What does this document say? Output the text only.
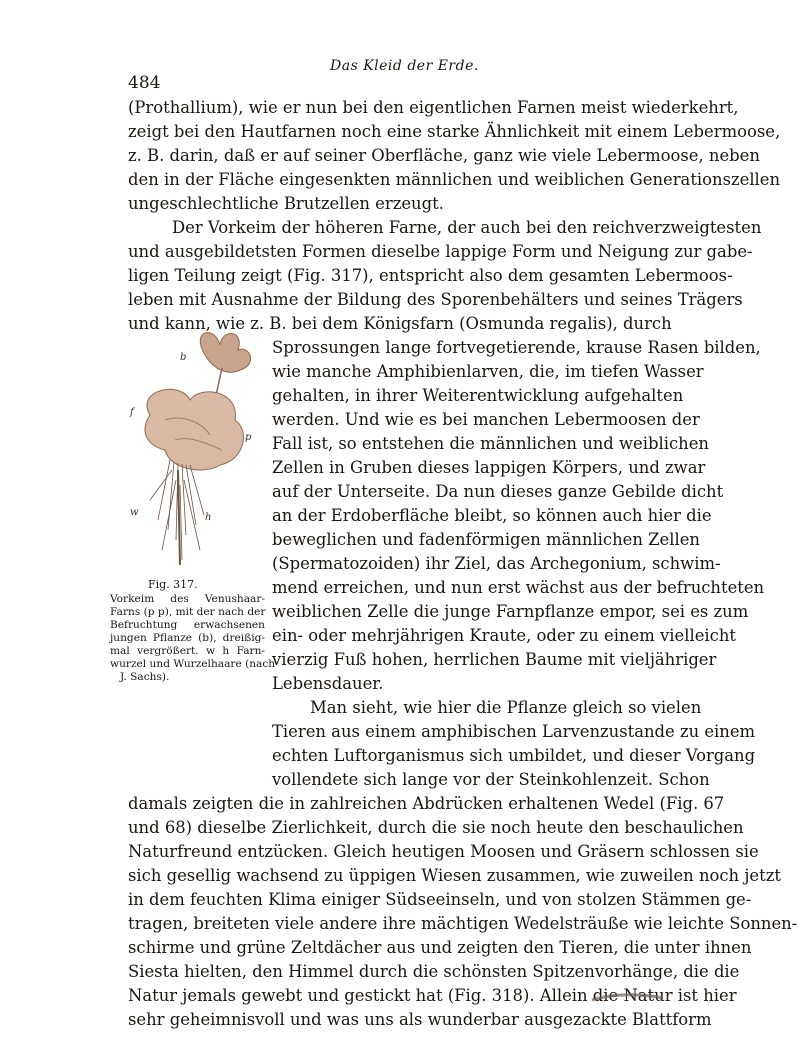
Das Kleid der Erde.
484
(Prothallium), wie er nun bei den eigentlichen Farnen meist wiederkehrt,
zeigt bei den Hautfarnen noch eine starke Ähnlichkeit mit einem Lebermoose,
z. B. darin, daß er auf seiner Oberfläche, ganz wie viele Lebermoose, neben
den in der Fläche eingesenkten männlichen und weiblichen Generationszellen
ungeschlechtliche Brutzellen erzeugt.
Der Vorkeim der höheren Farne, der auch bei den reichverzweigtesten
und ausgebildetsten Formen dieselbe lappige Form und Neigung zur gabe-
ligen Teilung zeigt (Fig. 317), entspricht also dem gesamten Lebermoos-
leben mit Ausnahme der Bildung des Sporenbehälters und seines Trägers
und kann, wie z. B. bei dem Königsfarn (Osmunda regalis), durch
Sprossungen lange fortvegetierende, krause Rasen bilden,
wie manche Amphibienlarven, die, im tiefen Wasser
gehalten, in ihrer Weiterentwicklung aufgehalten
werden. Und wie es bei manchen Lebermoosen der
Fall ist, so entstehen die männlichen und weiblichen
Zellen in Gruben dieses lappigen Körpers, und zwar
auf der Unterseite. Da nun dieses ganze Gebilde dicht
an der Erdoberfläche bleibt, so können auch hier die
beweglichen und fadenförmigen männlichen Zellen
(Spermatozoiden) ihr Ziel, das Archegonium, schwim-
mend erreichen, und nun erst wächst aus der befruchteten
weiblichen Zelle die junge Farnpflanze empor, sei es zum
ein- oder mehrjährigen Kraute, oder zu einem vielleicht
vierzig Fuß hohen, herrlichen Baume mit vieljähriger
Lebensdauer.
Man sieht, wie hier die Pflanze gleich so vielen
Tieren aus einem amphibischen Larvenzustande zu einem
echten Luftorganismus sich umbildet, und dieser Vorgang
vollendete sich lange vor der Steinkohlenzeit. Schon
damals zeigten die in zahlreichen Abdrücken erhaltenen Wedel (Fig. 67
und 68) dieselbe Zierlichkeit, durch die sie noch heute den beschaulichen
Naturfreund entzücken. Gleich heutigen Moosen und Gräsern schlossen sie
sich gesellig wachsend zu üppigen Wiesen zusammen, wie zuweilen noch jetzt
in dem feuchten Klima einiger Südseeinseln, und von stolzen Stämmen ge-
tragen, breiteten viele andere ihre mächtigen Wedelsträuße wie leichte Sonnen-
schirme und grüne Zeltdächer aus und zeigten den Tieren, die unter ihnen
Siesta hielten, den Himmel durch die schönsten Spitzenvorhänge, die die
Natur jemals gewebt und gestickt hat (Fig. 318). Allein die Natur ist hier
sehr geheimnisvoll und was uns als wunderbar ausgezackte Blattform
b
p
f
w	h
Fig. 317.
Vorkeim des Venushaar-
Farns (p p), mit der nach der
Befruchtung erwachsenen
jungen Pflanze (b), dreißig-
mal vergrößert. w h Farn-
wurzel und Wurzelhaare (nach
J. Sachs).
